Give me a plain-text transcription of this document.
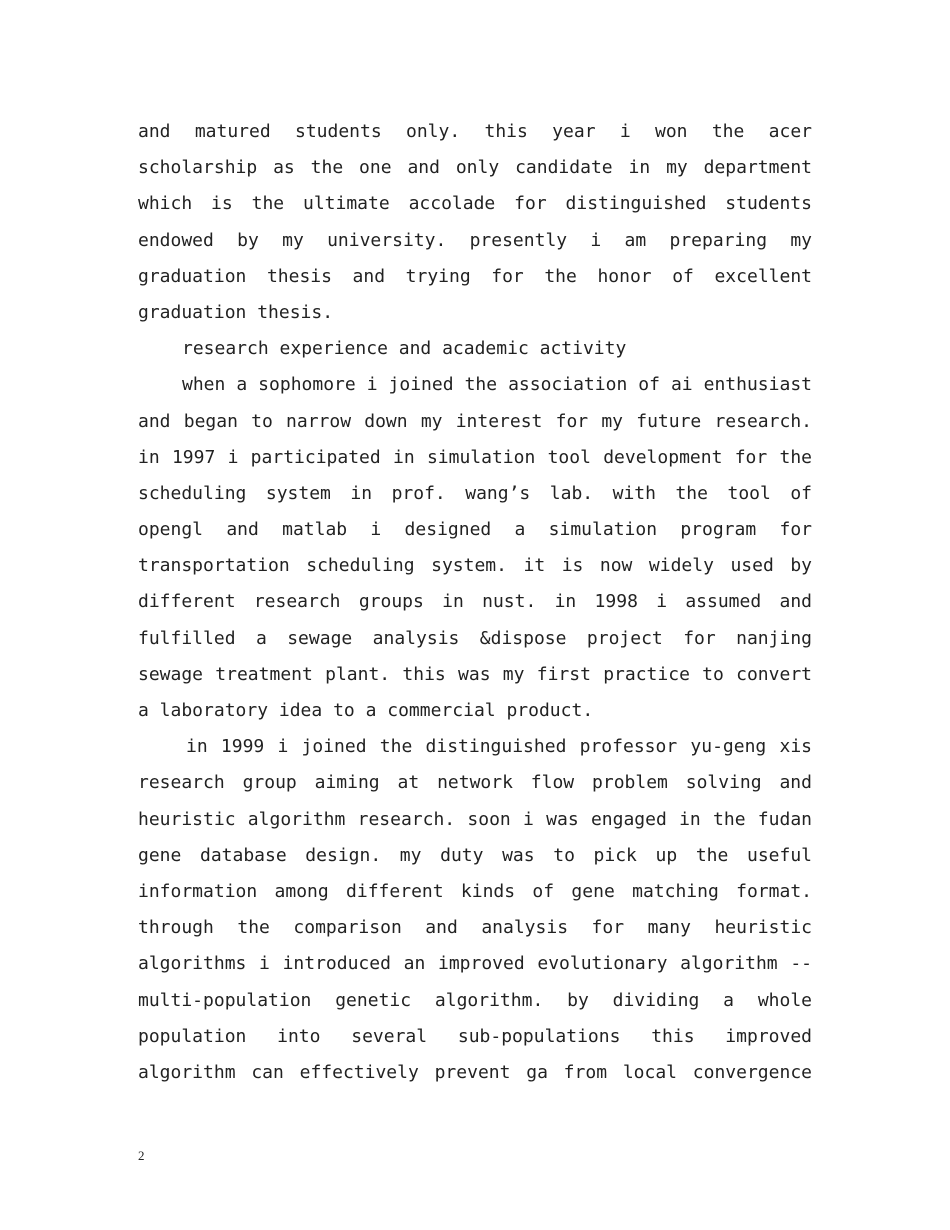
and matured students only. this year i won the acer
scholarship as the one and only candidate in my department
which is the ultimate accolade for distinguished students
endowed by my university. presently i am preparing my
graduation thesis and trying for the honor of excellent
graduation thesis.
research experience and academic activity
when a sophomore i joined the association of ai enthusiast
and began to narrow down my interest for my future research.
in 1997 i participated in simulation tool development for the
scheduling system in prof. wang’s lab. with the tool of
opengl and matlab i designed a simulation program for
transportation scheduling system. it is now widely used by
different research groups in nust. in 1998 i assumed and
fulfilled a sewage analysis &dispose project for nanjing
sewage treatment plant. this was my first practice to convert
a laboratory idea to a commercial product.
in 1999 i joined the distinguished professor yu-geng xis
research group aiming at network flow problem solving and
heuristic algorithm research. soon i was engaged in the fudan
gene database design. my duty was to pick up the useful
information among different kinds of gene matching format.
through the comparison and analysis for many heuristic
algorithms i introduced an improved evolutionary algorithm --
multi-population genetic algorithm. by dividing a whole
population into several sub-populations this improved
algorithm can effectively prevent ga from local convergence
2
